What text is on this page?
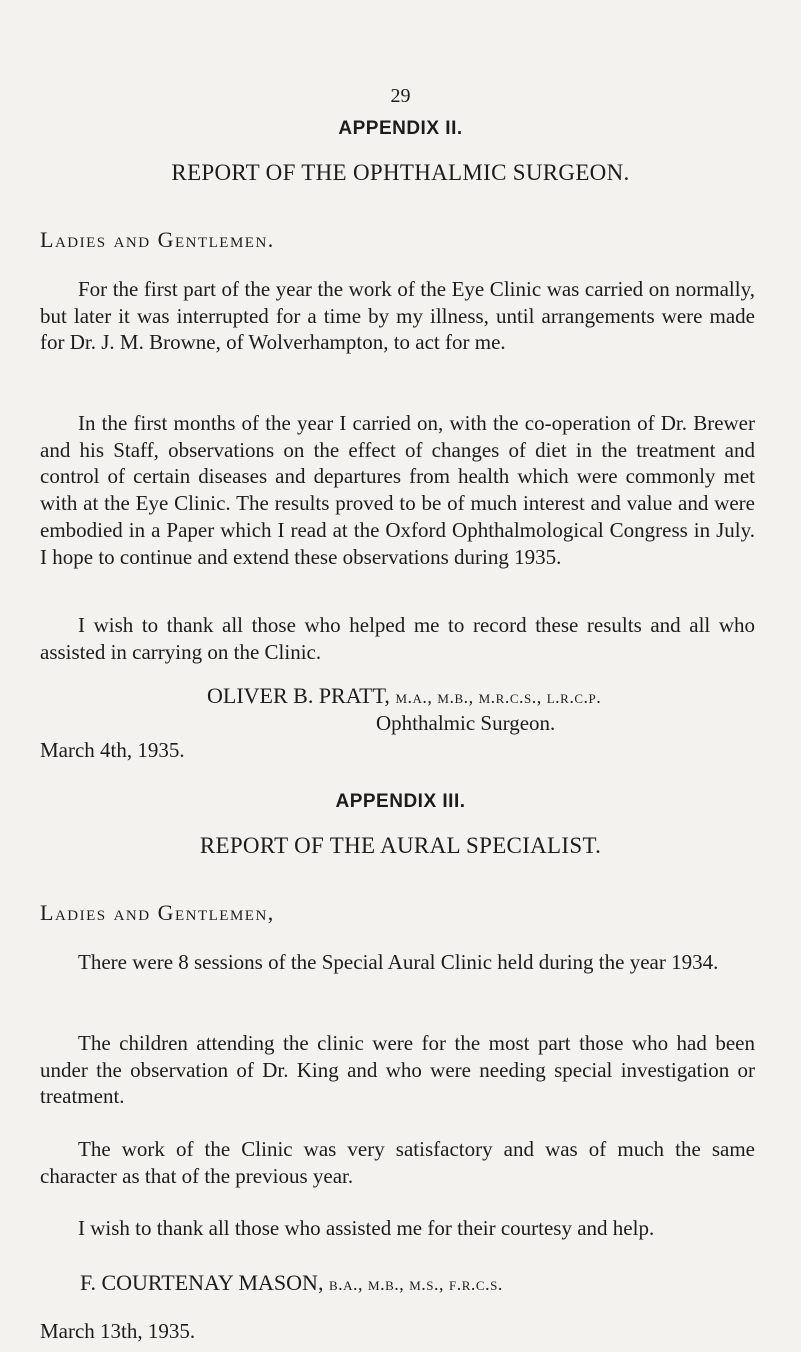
29
APPENDIX II.
REPORT OF THE OPHTHALMIC SURGEON.
Ladies and Gentlemen.

For the first part of the year the work of the Eye Clinic was carried on normally, but later it was interrupted for a time by my illness, until arrangements were made for Dr. J. M. Browne, of Wolverhampton, to act for me.

In the first months of the year I carried on, with the co-operation of Dr. Brewer and his Staff, observations on the effect of changes of diet in the treatment and control of certain diseases and departures from health which were commonly met with at the Eye Clinic. The results proved to be of much interest and value and were embodied in a Paper which I read at the Oxford Ophthalmological Congress in July. I hope to continue and extend these observations during 1935.

I wish to thank all those who helped me to record these results and all who assisted in carrying on the Clinic.

OLIVER B. PRATT, m.a., m.b., m.r.c.s., l.r.c.p.
Ophthalmic Surgeon.
March 4th, 1935.
APPENDIX III.
REPORT OF THE AURAL SPECIALIST.
Ladies and Gentlemen,

There were 8 sessions of the Special Aural Clinic held during the year 1934.

The children attending the clinic were for the most part those who had been under the observation of Dr. King and who were needing special investigation or treatment.

The work of the Clinic was very satisfactory and was of much the same character as that of the previous year.

I wish to thank all those who assisted me for their courtesy and help.

F. COURTENAY MASON, b.a., m.b., m.s., f.r.c.s.
March 13th, 1935.
